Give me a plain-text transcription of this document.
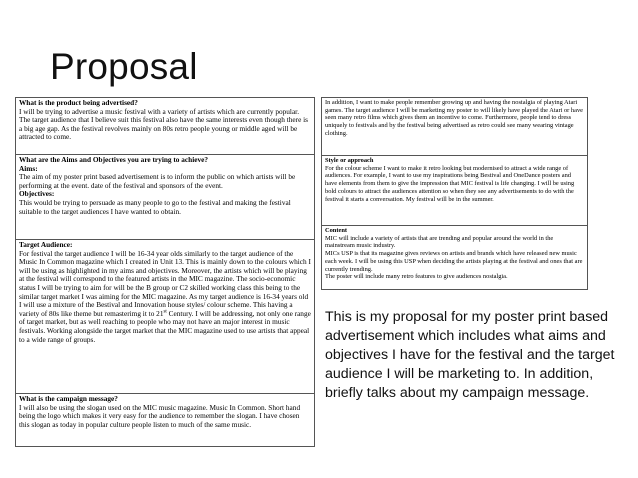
Proposal
What is the product being advertised?
I will be trying to advertise a music festival with a variety of artists which are currently popular. The target audience that I believe suit this festival also have the same interests even though there is a big age gap. As the festival revolves mainly on 80s retro people young or middle aged will be attracted to come.
What are the Aims and Objectives you are trying to achieve?
Aims:
The aim of my poster print based advertisement is to inform the public on which artists will be performing at the event. date of the festival and sponsors of the event.
Objectives:
This would be trying to persuade as many people to go to the festival and making the festival suitable to the target audiences I have wanted to obtain.
Target Audience:
For festival the target audience I will be 16-34 year olds similarly to the target audience of the Music In Common magazine which I created in Unit 13. This is mainly down to the colours which I will be using as highlighted in my aims and objectives. Moreover, the artists which will be playing at the festival will correspond to the featured artists in the MIC magazine. The socio-economic status I will be trying to aim for will be the B group or C2 skilled working class this being to the similar target market I was aiming for the MIC magazine. As my target audience is 16-34 years old I will use a mixture of the Bestival and Innovation house styles/ colour scheme. This having a variety of 80s like theme but remasterimg it to 21st Century. I will be addressing, not only one range of target market, but as well reaching to people who may not have an major interest in music festivals. Working alongside the target market that the MIC magazine used to use artists that appeal to a wide range of groups.
What is the campaign message?
I will also be using the slogan used on the MIC music magazine. Music In Common. Short hand being the logo which makes it very easy for the audience to remember the slogan. I have chosen this slogan as today in popular culture people listen to much of the same music.
In addition, I want to make people remember growing up and having the nostalgia of playing Atari games. The target audience I will be marketing my poster to will likely have played the Atari or have seen many retro films which gives them an incentive to come. Furthermore, people tend to dress uniquely to festivals and by the festival being advertised as retro could see many wearing vintage clothing.
Style or approach
For the colour scheme I want to make it retro looking but modernised to attract a wide range of audiences. For example, I want to use my inspirations being Bestival and OneDance posters and have elements from them to give the impression that MIC festival is life changing. I will be using bold colours to attract the audiences attention so when they see any advertisements to do with the festival it starts a conversation. My festival will be in the summer.
Content
MIC will include a variety of artists that are trending and popular around the world in the mainstream music industry.
MICs USP is that its magazine gives reviews on artists and brands which have released new music each week. I will be using this USP when deciding the artists playing at the festival and ones that are currently trending.
The poster will include many retro features to give audiences nostalgia.
This is my proposal for my poster print based advertisement which includes what aims and objectives I have for the festival and the target audience I will be marketing to. In addition, briefly talks about my campaign message.
